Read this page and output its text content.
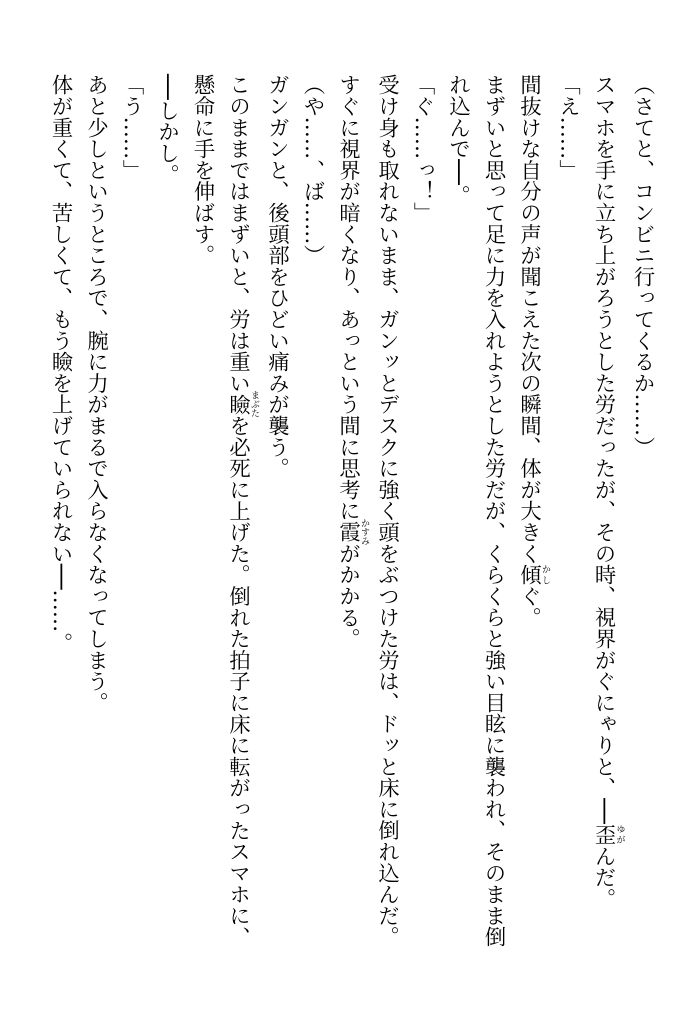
（さてと、コンビニ行ってくるか……）

スマホを手に立ち上がろうとした労だったが、その時、視界がぐにゃりと、──歪ゆがんだ。

「え……」

間抜けな自分の声が聞こえた次の瞬間、体が大きく傾かしぐ。

まずいと思って足に力を入れようとした労だが、くらくらと強い目眩に襲われ、そのまま倒

れ込んで──。

「ぐ……っ！」

受け身も取れないまま、ガンッとデスクに強く頭をぶつけた労は、ドッと床に倒れ込んだ。

すぐに視界が暗くなり、あっという間に思考に霞かすみがかかる。

（や……、ば……）

ガンガンと、後頭部をひどい痛みが襲う。

このままではまずいと、労は重い瞼まぶたを必死に上げた。倒れた拍子に床に転がったスマホに、

懸命に手を伸ばす。

──しかし。

「う……」

あと少しというところで、腕に力がまるで入らなくなってしまう。

体が重くて、苦しくて、もう瞼を上げていられない──……。
